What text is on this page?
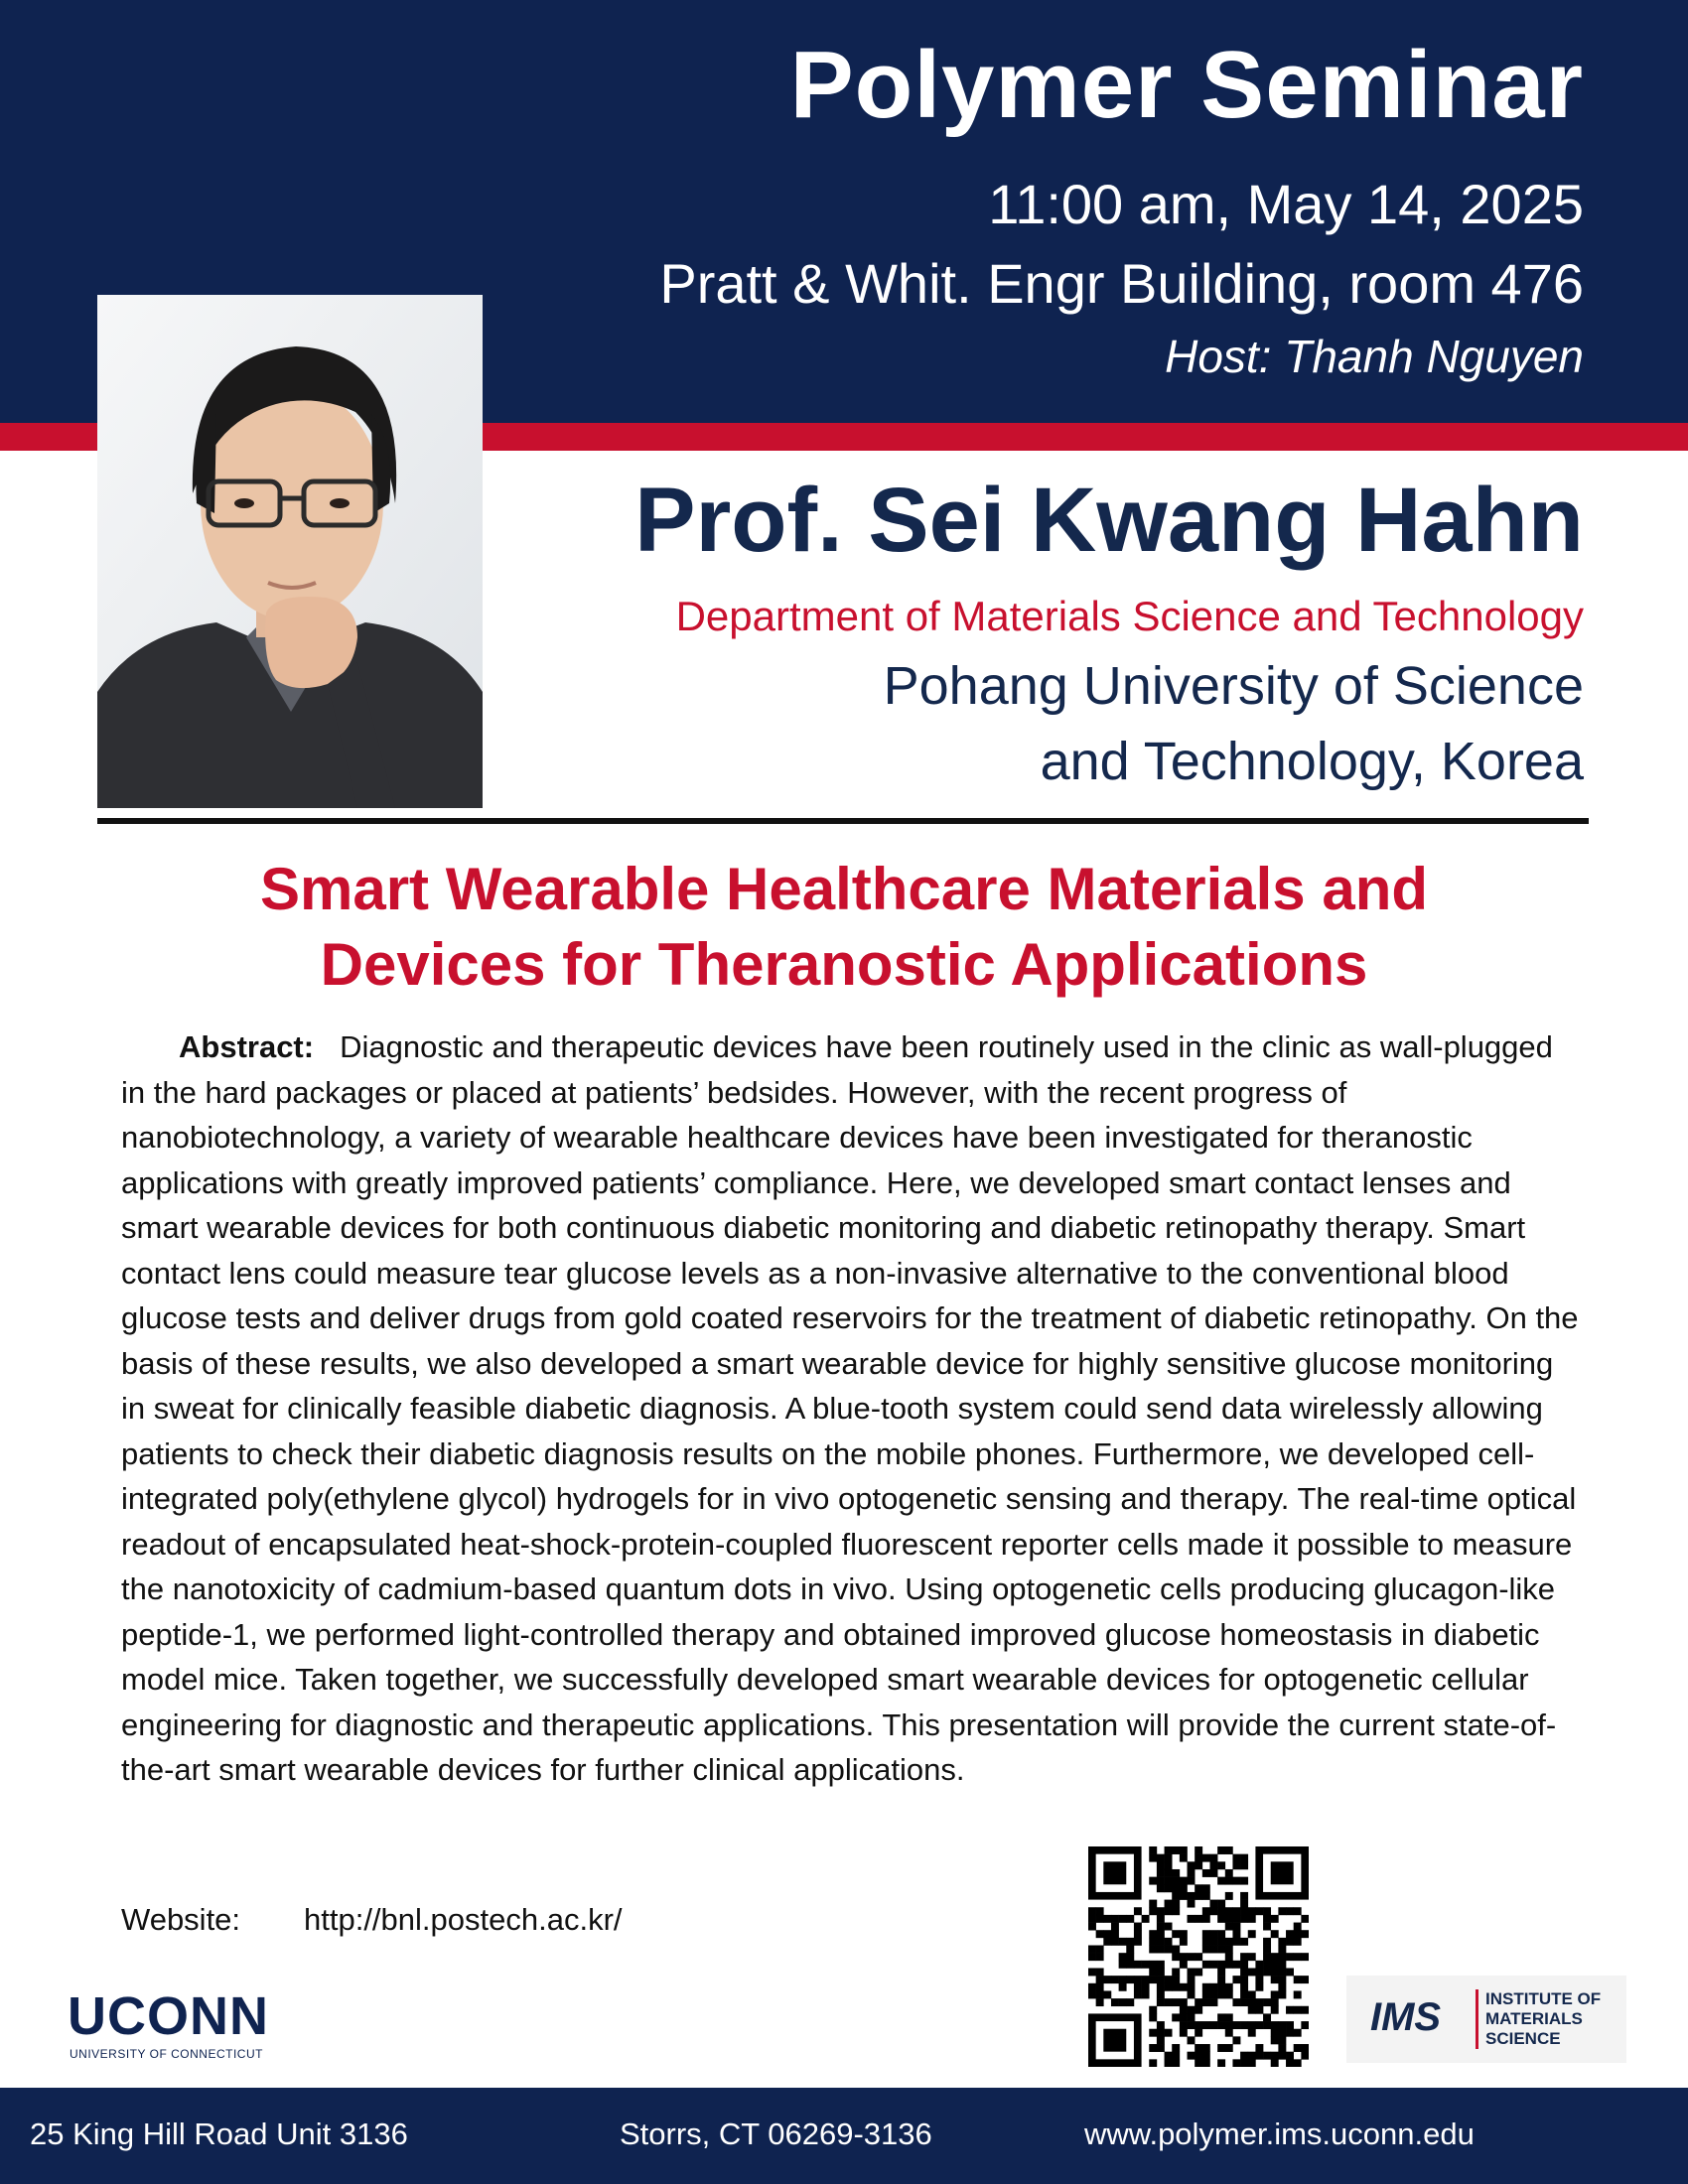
Polymer Seminar
11:00 am, May 14, 2025
Pratt & Whit. Engr Building, room 476
Host: Thanh Nguyen
Prof. Sei Kwang Hahn
Department of Materials Science and Technology
Pohang University of Science
and Technology, Korea
Smart Wearable Healthcare Materials and
Devices for Theranostic Applications

Abstract: Diagnostic and therapeutic devices have been routinely used in the clinic as wall-plugged in the hard packages or placed at patients’ bedsides. However, with the recent progress of nanobiotechnology, a variety of wearable healthcare devices have been investigated for theranostic applications with greatly improved patients’ compliance. Here, we developed smart contact lenses and smart wearable devices for both continuous diabetic monitoring and diabetic retinopathy therapy. Smart contact lens could measure tear glucose levels as a non-invasive alternative to the conventional blood glucose tests and deliver drugs from gold coated reservoirs for the treatment of diabetic retinopathy. On the basis of these results, we also developed a smart wearable device for highly sensitive glucose monitoring in sweat for clinically feasible diabetic diagnosis. A blue-tooth system could send data wirelessly allowing patients to check their diabetic diagnosis results on the mobile phones. Furthermore, we developed cell-integrated poly(ethylene glycol) hydrogels for in vivo optogenetic sensing and therapy. The real-time optical readout of encapsulated heat-shock-protein-coupled fluorescent reporter cells made it possible to measure the nanotoxicity of cadmium-based quantum dots in vivo. Using optogenetic cells producing glucagon-like peptide-1, we performed light-controlled therapy and obtained improved glucose homeostasis in diabetic model mice. Taken together, we successfully developed smart wearable devices for optogenetic cellular engineering for diagnostic and therapeutic applications. This presentation will provide the current state-of-the-art smart wearable devices for further clinical applications.

Website: http://bnl.postech.ac.kr/
UCONN
UNIVERSITY OF CONNECTICUT
IMS	INSTITUTE OF
MATERIALS
SCIENCE
25 King Hill Road Unit 3136	Storrs, CT 06269-3136	www.polymer.ims.uconn.edu
